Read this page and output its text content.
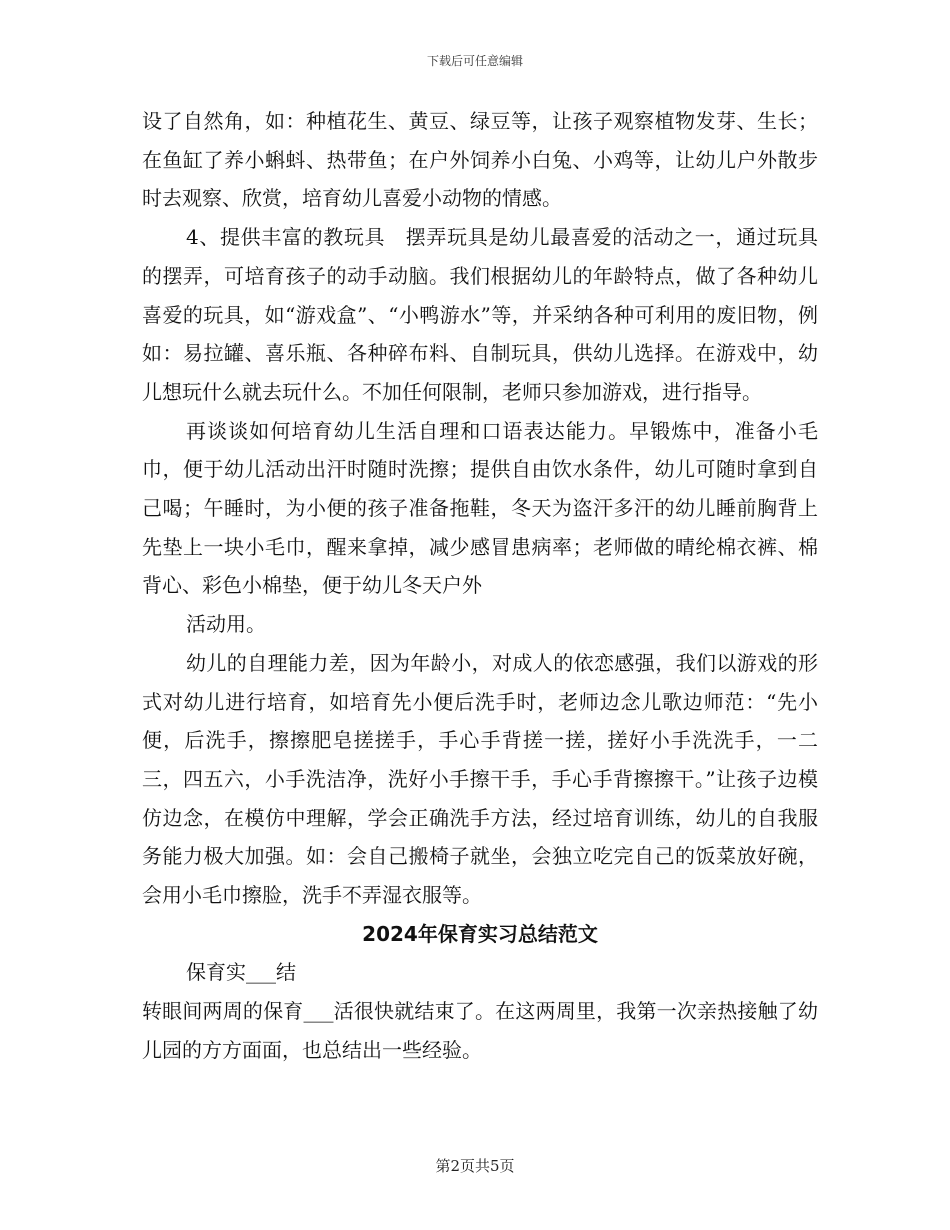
下载后可任意编辑

设了自然角，如：种植花生、黄豆、绿豆等，让孩子观察植物发芽、生长；在鱼缸了养小蝌蚪、热带鱼；在户外饲养小白兔、小鸡等，让幼儿户外散步时去观察、欣赏，培育幼儿喜爱小动物的情感。

4、提供丰富的教玩具　摆弄玩具是幼儿最喜爱的活动之一，通过玩具的摆弄，可培育孩子的动手动脑。我们根据幼儿的年龄特点，做了各种幼儿喜爱的玩具，如“游戏盒”、“小鸭游水”等，并采纳各种可利用的废旧物，例如：易拉罐、喜乐瓶、各种碎布料、自制玩具，供幼儿选择。在游戏中，幼儿想玩什么就去玩什么。不加任何限制，老师只参加游戏，进行指导。

再谈谈如何培育幼儿生活自理和口语表达能力。早锻炼中，准备小毛巾，便于幼儿活动出汗时随时洗擦；提供自由饮水条件，幼儿可随时拿到自己喝；午睡时，为小便的孩子准备拖鞋，冬天为盗汗多汗的幼儿睡前胸背上先垫上一块小毛巾，醒来拿掉，减少感冒患病率；老师做的晴纶棉衣裤、棉背心、彩色小棉垫，便于幼儿冬天户外

活动用。

幼儿的自理能力差，因为年龄小，对成人的依恋感强，我们以游戏的形式对幼儿进行培育，如培育先小便后洗手时，老师边念儿歌边师范：“先小便，后洗手，擦擦肥皂搓搓手，手心手背搓一搓，搓好小手洗洗手，一二三，四五六，小手洗洁净，洗好小手擦干手，手心手背擦擦干。”让孩子边模仿边念，在模仿中理解，学会正确洗手方法，经过培育训练，幼儿的自我服务能力极大加强。如：会自己搬椅子就坐，会独立吃完自己的饭菜放好碗，会用小毛巾擦脸，洗手不弄湿衣服等。

2024年保育实习总结范文

保育实___结

转眼间两周的保育___活很快就结束了。在这两周里，我第一次亲热接触了幼儿园的方方面面，也总结出一些经验。

第2页共5页
